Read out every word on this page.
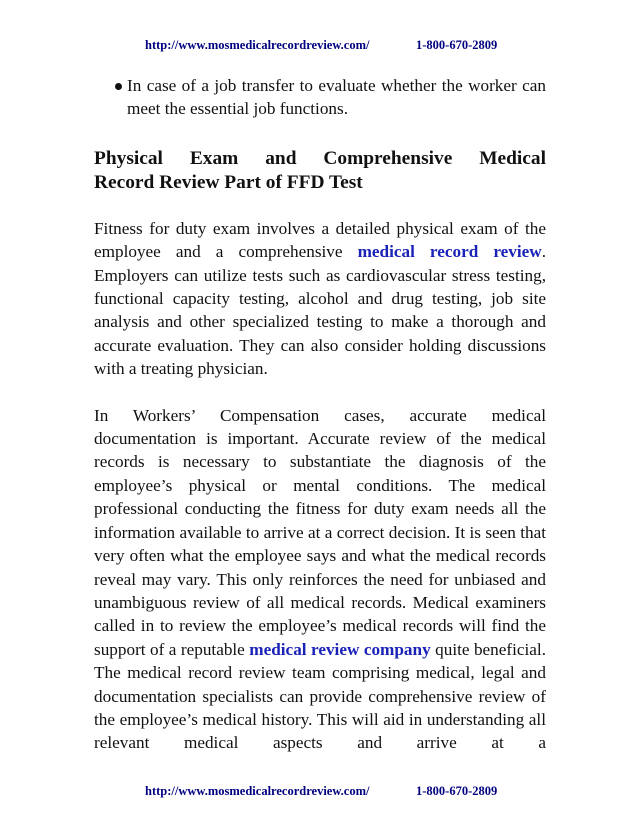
http://www.mosmedicalrecordreview.com/	1-800-670-2809

In case of a job transfer to evaluate whether the worker can meet the essential job functions.

Physical Exam and Comprehensive Medical
Record Review Part of FFD Test

Fitness for duty exam involves a detailed physical exam of the employee and a comprehensive medical record review. Employers can utilize tests such as cardiovascular stress testing, functional capacity testing, alcohol and drug testing, job site analysis and other specialized testing to make a thorough and accurate evaluation. They can also consider holding discussions with a treating physician.

In Workers’ Compensation cases, accurate medical documentation is important. Accurate review of the medical records is necessary to substantiate the diagnosis of the employee’s physical or mental conditions. The medical professional conducting the fitness for duty exam needs all the information available to arrive at a correct decision. It is seen that very often what the employee says and what the medical records reveal may vary. This only reinforces the need for unbiased and unambiguous review of all medical records. Medical examiners called in to review the employee’s medical records will find the support of a reputable medical review company quite beneficial. The medical record review team comprising medical, legal and documentation specialists can provide comprehensive review of the employee’s medical history. This will aid in understanding all relevant medical aspects and arrive at a

http://www.mosmedicalrecordreview.com/	1-800-670-2809
